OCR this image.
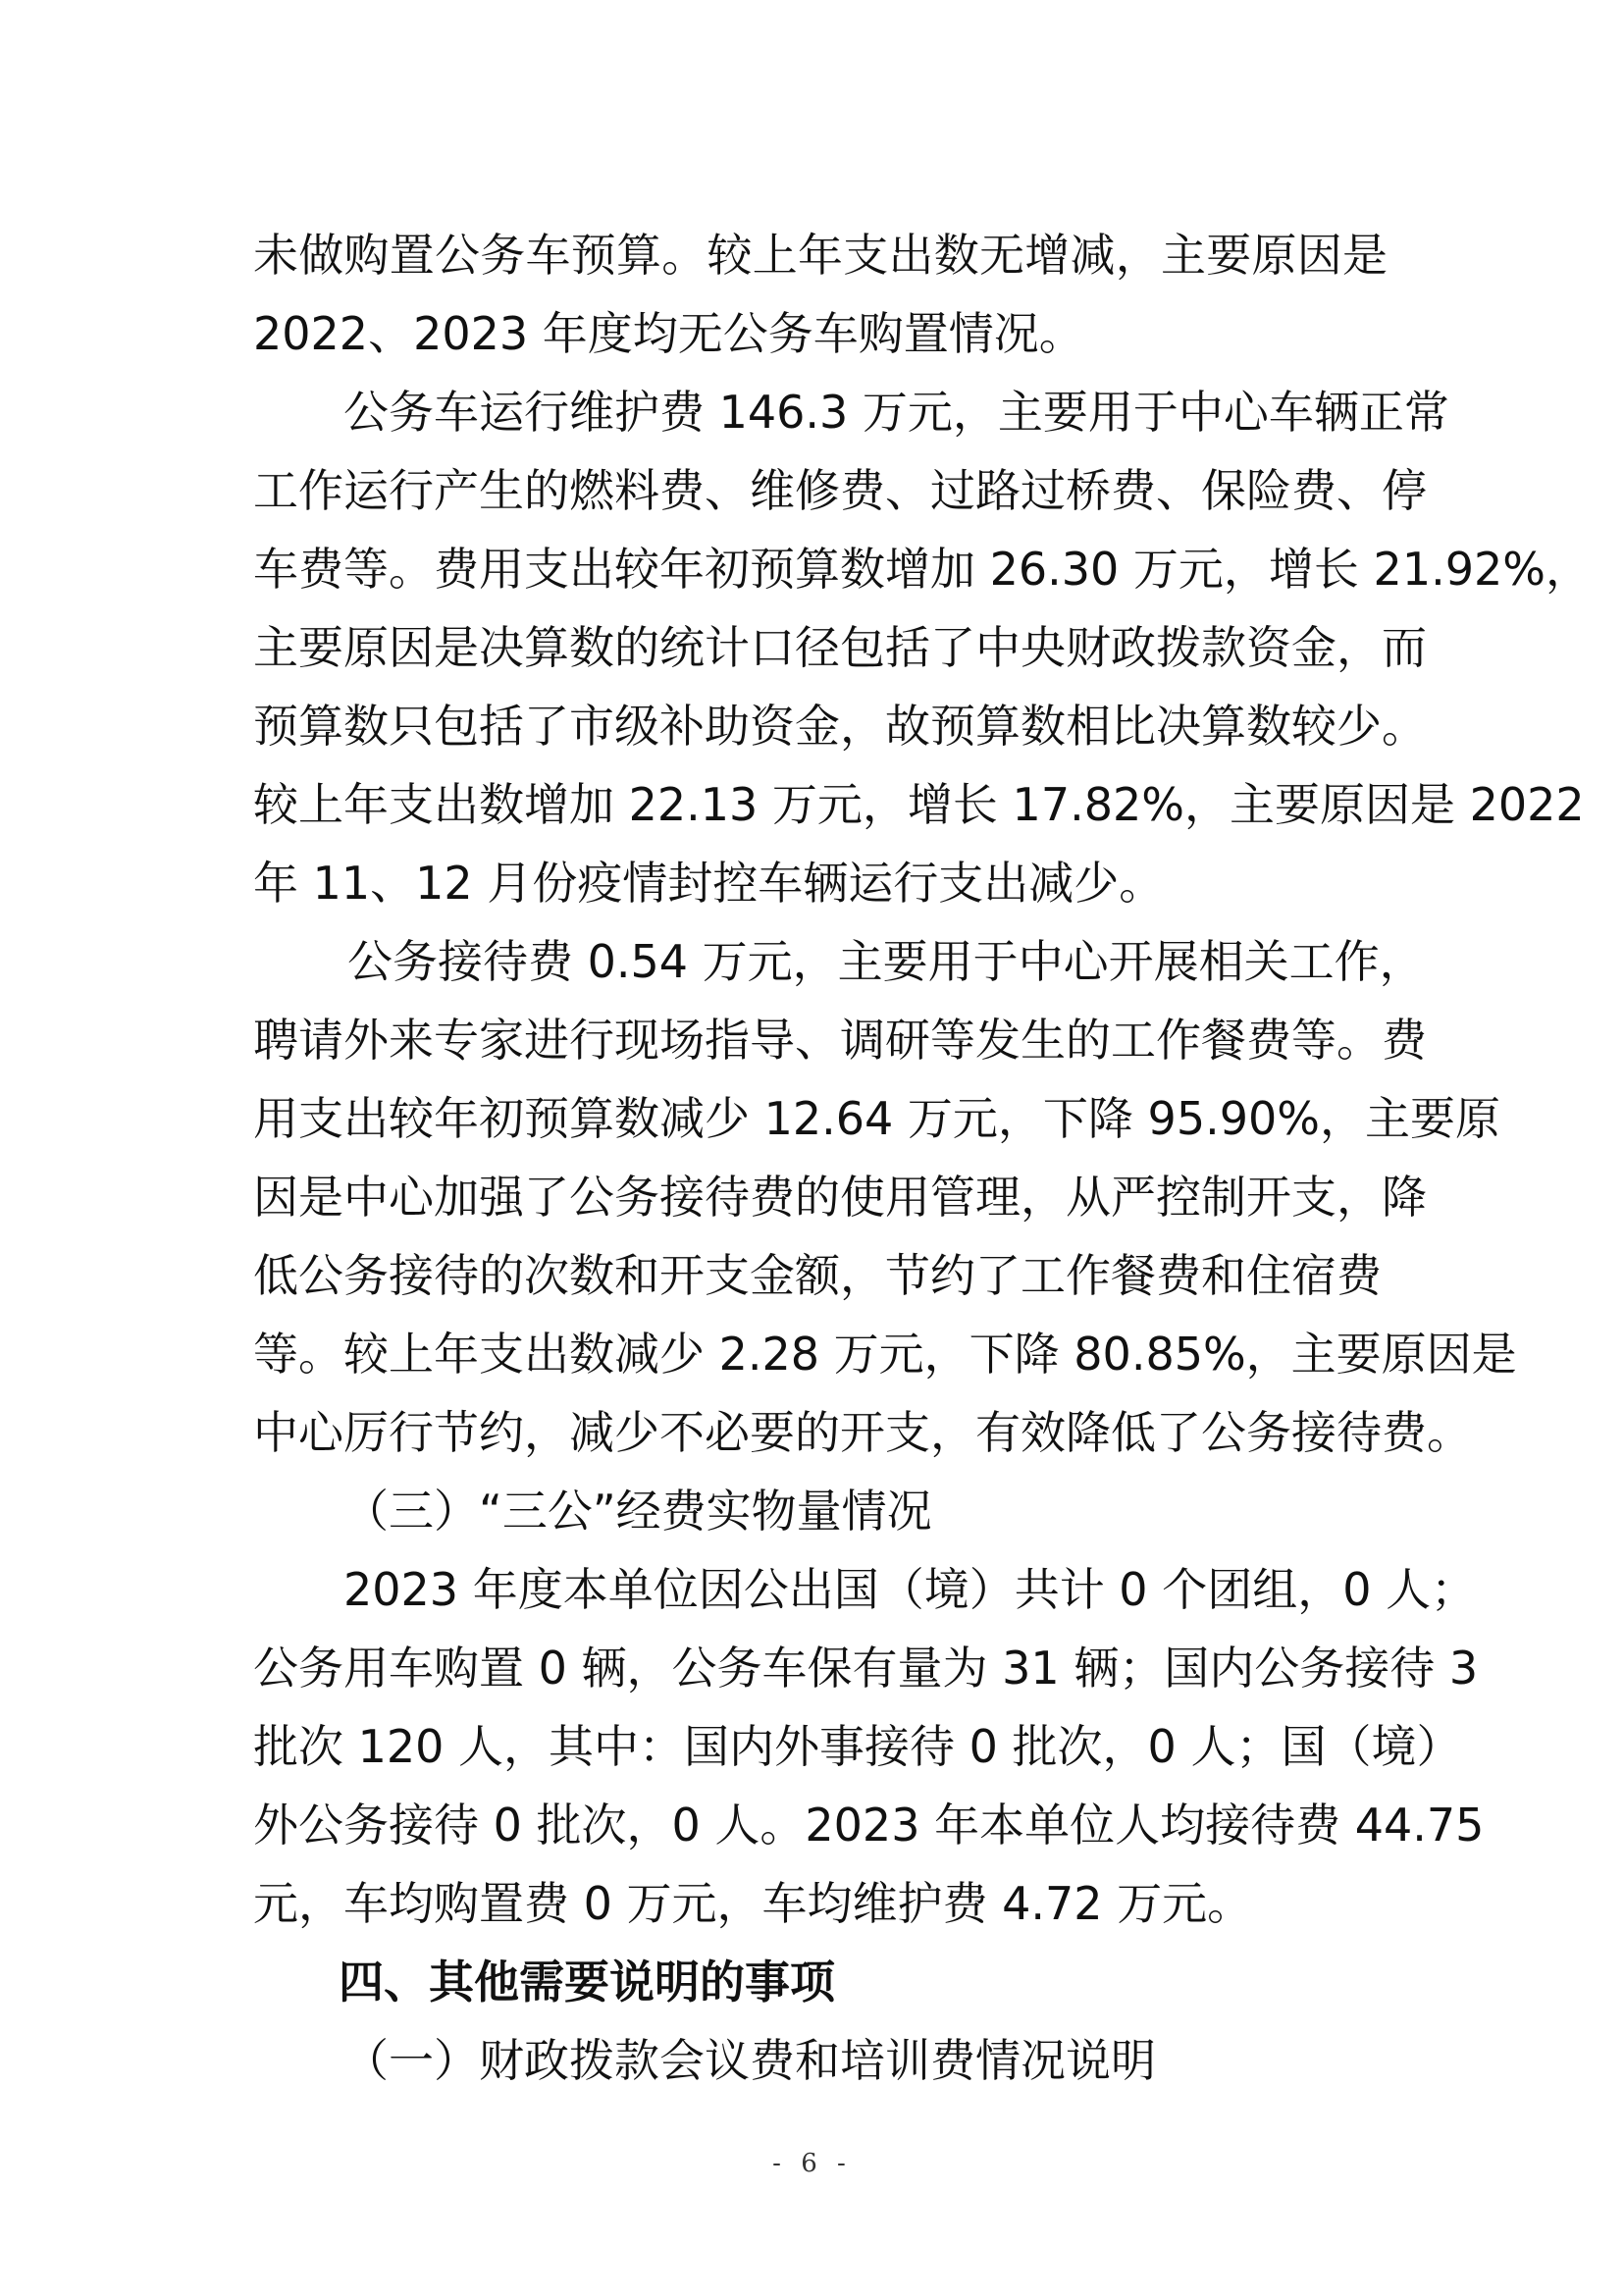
未做购置公务车预算。较上年支出数无增减，主要原因是
2022、2023 年度均无公务车购置情况。
公务车运行维护费 146.3 万元，主要用于中心车辆正常
工作运行产生的燃料费、维修费、过路过桥费、保险费、停
车费等。费用支出较年初预算数增加 26.30 万元，增长 21.92%，
主要原因是决算数的统计口径包括了中央财政拨款资金，而
预算数只包括了市级补助资金，故预算数相比决算数较少。
较上年支出数增加 22.13 万元，增长 17.82%，主要原因是 2022
年 11、12 月份疫情封控车辆运行支出减少。
公务接待费 0.54 万元，主要用于中心开展相关工作，
聘请外来专家进行现场指导、调研等发生的工作餐费等。费
用支出较年初预算数减少 12.64 万元，下降 95.90%，主要原
因是中心加强了公务接待费的使用管理，从严控制开支，降
低公务接待的次数和开支金额，节约了工作餐费和住宿费
等。较上年支出数减少 2.28 万元，下降 80.85%，主要原因是
中心厉行节约，减少不必要的开支，有效降低了公务接待费。
（三）“三公”经费实物量情况
2023 年度本单位因公出国（境）共计 0 个团组，0 人；
公务用车购置 0 辆，公务车保有量为 31 辆；国内公务接待 3
批次 120 人，其中：国内外事接待 0 批次，0 人；国（境）
外公务接待 0 批次，0 人。2023 年本单位人均接待费 44.75
元，车均购置费 0 万元，车均维护费 4.72 万元。
四、其他需要说明的事项
（一）财政拨款会议费和培训费情况说明
- 6 -
